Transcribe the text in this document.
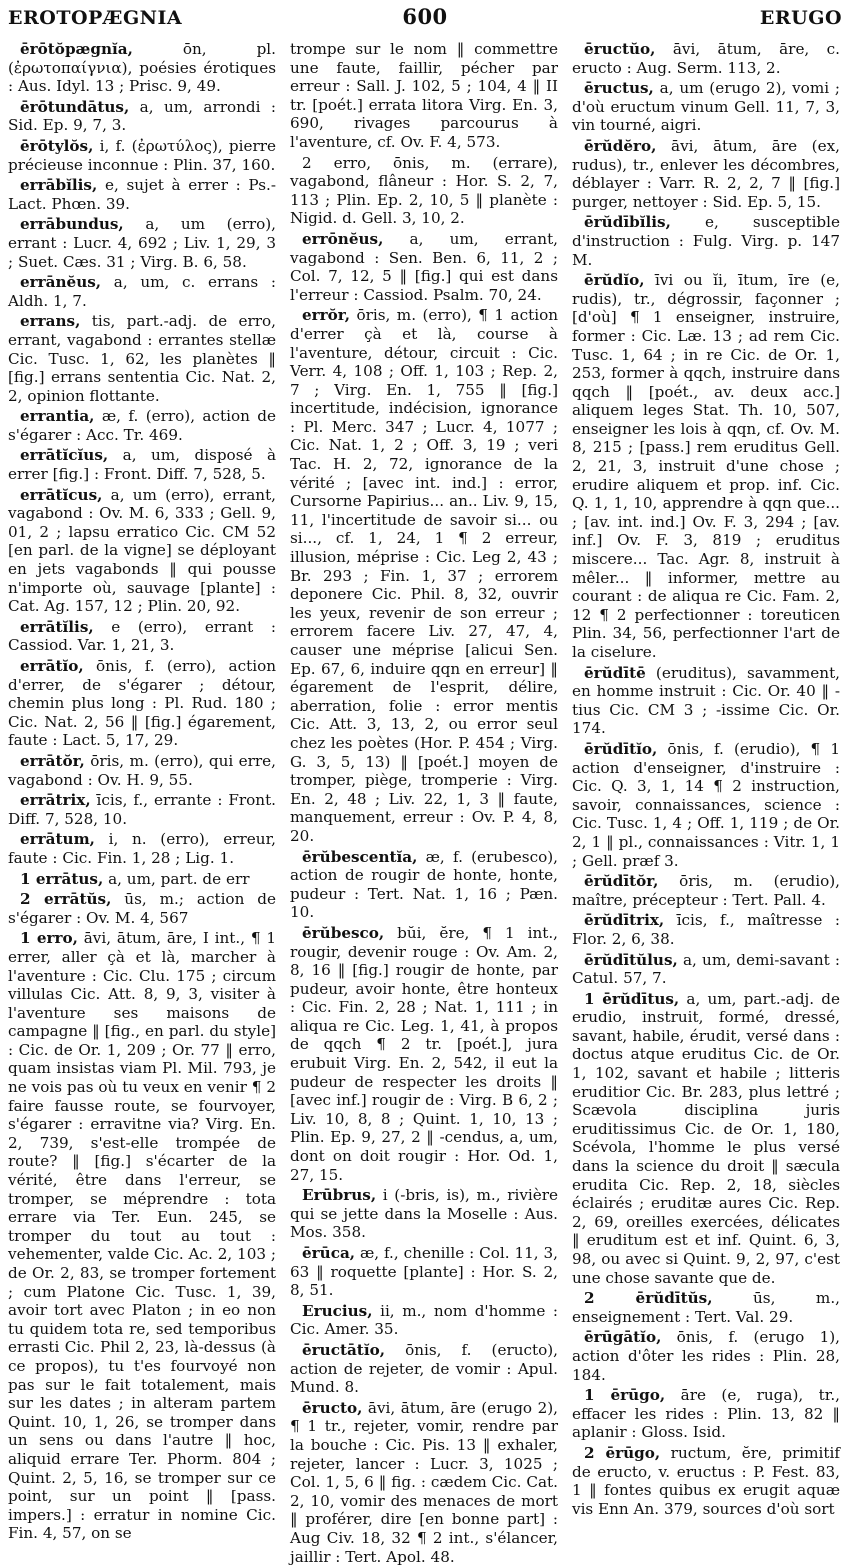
EROTOPÆGNIA	600	ERUGO

ērōtŏpægnĭa, ōn, pl. (ἐρωτοπαίγνια), poésies érotiques : Aus. Idyl. 13 ; Prisc. 9, 49.

ērōtundātus, a, um, arrondi : Sid. Ep. 9, 7, 3.

ērōtylŏs, i, f. (ἐρωτύλος), pierre précieuse inconnue : Plin. 37, 160.

errābĭlis, e, sujet à errer : Ps.-Lact. Phœn. 39.

errābundus, a, um (erro), errant : Lucr. 4, 692 ; Liv. 1, 29, 3 ; Suet. Cæs. 31 ; Virg. B. 6, 58.

errānĕus, a, um, c. errans : Aldh. 1, 7.

errans, tis, part.-adj. de erro, errant, vagabond : errantes stellæ Cic. Tusc. 1, 62, les planètes ‖ [fig.] errans sententia Cic. Nat. 2, 2, opinion flottante.

errantia, æ, f. (erro), action de s'égarer : Acc. Tr. 469.

errātĭcĭus, a, um, disposé à errer [fig.] : Front. Diff. 7, 528, 5.

errātĭcus, a, um (erro), errant, vagabond : Ov. M. 6, 333 ; Gell. 9, 01, 2 ; lapsu erratico Cic. CM 52 [en parl. de la vigne] se déployant en jets vagabonds ‖ qui pousse n'importe où, sauvage [plante] : Cat. Ag. 157, 12 ; Plin. 20, 92.

errātĭlis, e (erro), errant : Cassiod. Var. 1, 21, 3.

errātĭo, ōnis, f. (erro), action d'errer, de s'égarer ; détour, chemin plus long : Pl. Rud. 180 ; Cic. Nat. 2, 56 ‖ [fig.] égarement, faute : Lact. 5, 17, 29.

errātŏr, ōris, m. (erro), qui erre, vagabond : Ov. H. 9, 55.

errātrix, īcis, f., errante : Front. Diff. 7, 528, 10.

errātum, i, n. (erro), erreur, faute : Cic. Fin. 1, 28 ; Lig. 1.

1 errātus, a, um, part. de err

2 errātŭs, ūs, m.; action de s'égarer : Ov. M. 4, 567

1 erro, āvi, ātum, āre, I int., ¶ 1 errer, aller çà et là, marcher à l'aventure : Cic. Clu. 175 ; circum villulas Cic. Att. 8, 9, 3, visiter à l'aventure ses maisons de campagne ‖ [fig., en parl. du style] : Cic. de Or. 1, 209 ; Or. 77 ‖ erro, quam insistas viam Pl. Mil. 793, je ne vois pas où tu veux en venir ¶ 2 faire fausse route, se fourvoyer, s'égarer : erravitne via? Virg. En. 2, 739, s'est-elle trompée de route? ‖ [fig.] s'écarter de la vérité, être dans l'erreur, se tromper, se méprendre : tota errare via Ter. Eun. 245, se tromper du tout au tout : vehementer, valde Cic. Ac. 2, 103 ; de Or. 2, 83, se tromper fortement ; cum Platone Cic. Tusc. 1, 39, avoir tort avec Platon ; in eo non tu quidem tota re, sed temporibus errasti Cic. Phil 2, 23, là-dessus (à ce propos), tu t'es fourvoyé non pas sur le fait totalement, mais sur les dates ; in alteram partem Quint. 10, 1, 26, se tromper dans un sens ou dans l'autre ‖ hoc, aliquid errare Ter. Phorm. 804 ; Quint. 2, 5, 16, se tromper sur ce point, sur un point ‖ [pass. impers.] : erratur in nomine Cic. Fin. 4, 57, on se

trompe sur le nom ‖ commettre une faute, faillir, pécher par erreur : Sall. J. 102, 5 ; 104, 4 ‖ II tr. [poét.] errata litora Virg. En. 3, 690, rivages parcourus à l'aventure, cf. Ov. F. 4, 573.

2 erro, ōnis, m. (errare), vagabond, flâneur : Hor. S. 2, 7, 113 ; Plin. Ep. 2, 10, 5 ‖ planète : Nigid. d. Gell. 3, 10, 2.

errōnĕus, a, um, errant, vagabond : Sen. Ben. 6, 11, 2 ; Col. 7, 12, 5 ‖ [fig.] qui est dans l'erreur : Cassiod. Psalm. 70, 24.

errŏr, ōris, m. (erro), ¶ 1 action d'errer çà et là, course à l'aventure, détour, circuit : Cic. Verr. 4, 108 ; Off. 1, 103 ; Rep. 2, 7 ; Virg. En. 1, 755 ‖ [fig.] incertitude, indécision, ignorance : Pl. Merc. 347 ; Lucr. 4, 1077 ; Cic. Nat. 1, 2 ; Off. 3, 19 ; veri Tac. H. 2, 72, ignorance de la vérité ; [avec int. ind.] : error, Cursorne Papirius... an.. Liv. 9, 15, 11, l'incertitude de savoir si... ou si..., cf. 1, 24, 1 ¶ 2 erreur, illusion, méprise : Cic. Leg 2, 43 ; Br. 293 ; Fin. 1, 37 ; errorem deponere Cic. Phil. 8, 32, ouvrir les yeux, revenir de son erreur ; errorem facere Liv. 27, 47, 4, causer une méprise [alicui Sen. Ep. 67, 6, induire qqn en erreur] ‖ égarement de l'esprit, délire, aberration, folie : error mentis Cic. Att. 3, 13, 2, ou error seul chez les poètes (Hor. P. 454 ; Virg. G. 3, 5, 13) ‖ [poét.] moyen de tromper, piège, tromperie : Virg. En. 2, 48 ; Liv. 22, 1, 3 ‖ faute, manquement, erreur : Ov. P. 4, 8, 20.

ērŭbescentĭa, æ, f. (erubesco), action de rougir de honte, honte, pudeur : Tert. Nat. 1, 16 ; Pæn. 10.

ērŭbesco, bŭi, ĕre, ¶ 1 int., rougir, devenir rouge : Ov. Am. 2, 8, 16 ‖ [fig.] rougir de honte, par pudeur, avoir honte, être honteux : Cic. Fin. 2, 28 ; Nat. 1, 111 ; in aliqua re Cic. Leg. 1, 41, à propos de qqch ¶ 2 tr. [poét.], jura erubuit Virg. En. 2, 542, il eut la pudeur de respecter les droits ‖ [avec inf.] rougir de : Virg. B 6, 2 ; Liv. 10, 8, 8 ; Quint. 1, 10, 13 ; Plin. Ep. 9, 27, 2 ‖ -cendus, a, um, dont on doit rougir : Hor. Od. 1, 27, 15.

Erūbrus, i (-bris, is), m., rivière qui se jette dans la Moselle : Aus. Mos. 358.

ērūca, æ, f., chenille : Col. 11, 3, 63 ‖ roquette [plante] : Hor. S. 2, 8, 51.

Erucius, ii, m., nom d'homme : Cic. Amer. 35.

ēructātĭo, ōnis, f. (eructo), action de rejeter, de vomir : Apul. Mund. 8.

ēructo, āvi, ātum, āre (erugo 2), ¶ 1 tr., rejeter, vomir, rendre par la bouche : Cic. Pis. 13 ‖ exhaler, rejeter, lancer : Lucr. 3, 1025 ; Col. 1, 5, 6 ‖ fig. : cædem Cic. Cat. 2, 10, vomir des menaces de mort ‖ proférer, dire [en bonne part] : Aug Civ. 18, 32 ¶ 2 int., s'élancer, jaillir : Tert. Apol. 48.

ēructŭo, āvi, ātum, āre, c. eructo : Aug. Serm. 113, 2.

ēructus, a, um (erugo 2), vomi ; d'où eructum vinum Gell. 11, 7, 3, vin tourné, aigri.

ērŭdĕro, āvi, ātum, āre (ex, rudus), tr., enlever les décombres, déblayer : Varr. R. 2, 2, 7 ‖ [fig.] purger, nettoyer : Sid. Ep. 5, 15.

ērŭdībĭlis, e, susceptible d'instruction : Fulg. Virg. p. 147 M.

ērŭdĭo, īvi ou ĭi, ītum, īre (e, rudis), tr., dégrossir, façonner ; [d'où] ¶ 1 enseigner, instruire, former : Cic. Læ. 13 ; ad rem Cic. Tusc. 1, 64 ; in re Cic. de Or. 1, 253, former à qqch, instruire dans qqch ‖ [poét., av. deux acc.] aliquem leges Stat. Th. 10, 507, enseigner les lois à qqn, cf. Ov. M. 8, 215 ; [pass.] rem eruditus Gell. 2, 21, 3, instruit d'une chose ; erudire aliquem et prop. inf. Cic. Q. 1, 1, 10, apprendre à qqn que... ; [av. int. ind.] Ov. F. 3, 294 ; [av. inf.] Ov. F. 3, 819 ; eruditus miscere... Tac. Agr. 8, instruit à mêler... ‖ informer, mettre au courant : de aliqua re Cic. Fam. 2, 12 ¶ 2 perfectionner : toreuticen Plin. 34, 56, perfectionner l'art de la ciselure.

ērŭdītē (eruditus), savamment, en homme instruit : Cic. Or. 40 ‖ -tius Cic. CM 3 ; -issime Cic. Or. 174.

ērŭdītĭo, ōnis, f. (erudio), ¶ 1 action d'enseigner, d'instruire : Cic. Q. 3, 1, 14 ¶ 2 instruction, savoir, connaissances, science : Cic. Tusc. 1, 4 ; Off. 1, 119 ; de Or. 2, 1 ‖ pl., connaissances : Vitr. 1, 1 ; Gell. præf 3.

ērŭdītŏr, ōris, m. (erudio), maître, précepteur : Tert. Pall. 4.

ērŭdītrix, īcis, f., maîtresse : Flor. 2, 6, 38.

ērŭdītŭlus, a, um, demi-savant : Catul. 57, 7.

1 ērŭdītus, a, um, part.-adj. de erudio, instruit, formé, dressé, savant, habile, érudit, versé dans : doctus atque eruditus Cic. de Or. 1, 102, savant et habile ; litteris eruditior Cic. Br. 283, plus lettré ; Scævola disciplina juris eruditissimus Cic. de Or. 1, 180, Scévola, l'homme le plus versé dans la science du droit ‖ sæcula erudita Cic. Rep. 2, 18, siècles éclairés ; eruditæ aures Cic. Rep. 2, 69, oreilles exercées, délicates ‖ eruditum est et inf. Quint. 6, 3, 98, ou avec si Quint. 9, 2, 97, c'est une chose savante que de.

2 ērŭdītŭs, ūs, m., enseignement : Tert. Val. 29.

ērūgātĭo, ōnis, f. (erugo 1), action d'ôter les rides : Plin. 28, 184.

1 ērūgo, āre (e, ruga), tr., effacer les rides : Plin. 13, 82 ‖ aplanir : Gloss. Isid.

2 ērūgo, ructum, ĕre, primitif de eructo, v. eructus : P. Fest. 83, 1 ‖ fontes quibus ex erugit aquæ vis Enn An. 379, sources d'où sort
